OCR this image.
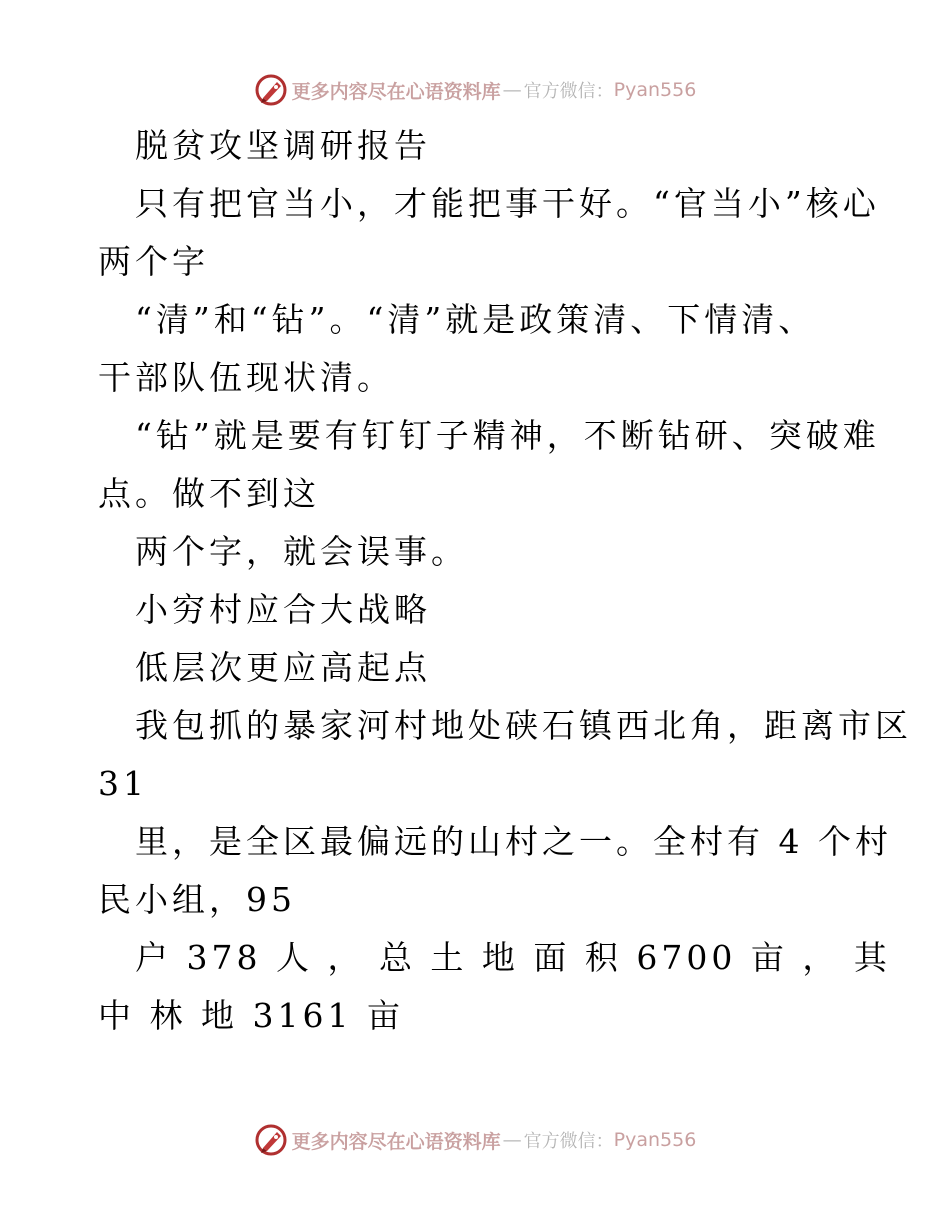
更多内容尽在心语资料库 — 官方微信： Pyan556
脱贫攻坚调研报告
只有把官当小，才能把事干好。“官当小”核心
两个字
“清”和“钻”。“清”就是政策清、下情清、
干部队伍现状清。
“钻”就是要有钉钉子精神，不断钻研、突破难
点。做不到这
两个字，就会误事。
小穷村应合大战略
低层次更应高起点
我包抓的暴家河村地处硖石镇西北角，距离市区
31
里，是全区最偏远的山村之一。全村有 4 个村
民小组，95
户 378 人 ， 总 土 地 面 积 6700 亩 ， 其
中 林 地 3161 亩
更多内容尽在心语资料库 — 官方微信： Pyan556
